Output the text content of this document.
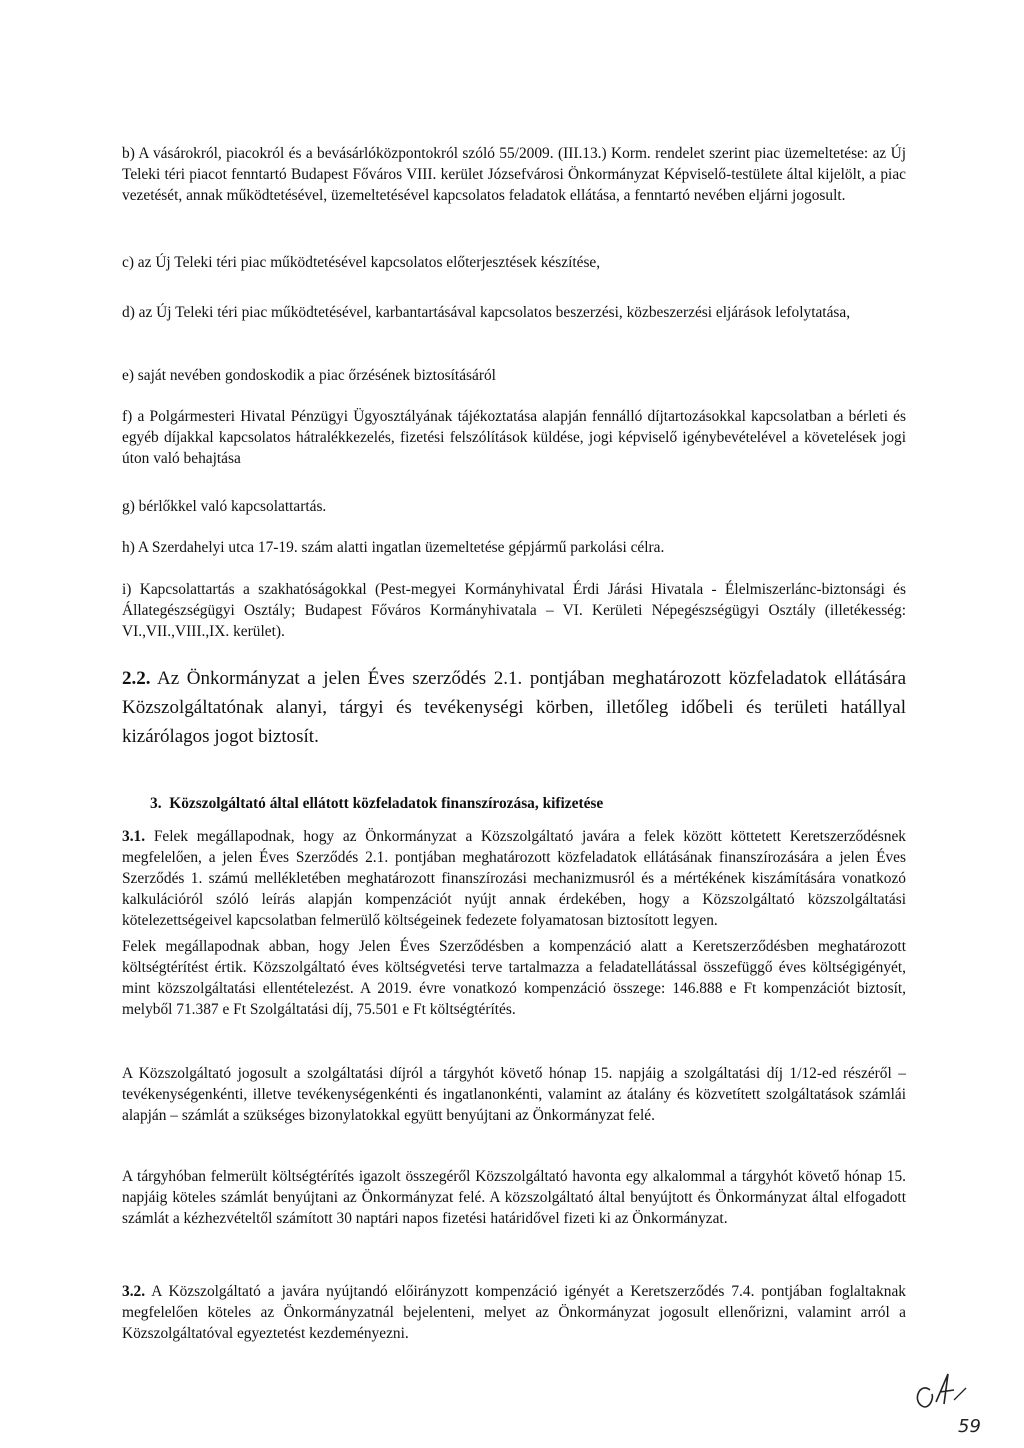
b) A vásárokról, piacokról és a bevásárlóközpontokról szóló 55/2009. (III.13.) Korm. rendelet szerint piac üzemeltetése: az Új Teleki téri piacot fenntartó Budapest Főváros VIII. kerület Józsefvárosi Önkormányzat Képviselő-testülete által kijelölt, a piac vezetését, annak működtetésével, üzemeltetésével kapcsolatos feladatok ellátása, a fenntartó nevében eljárni jogosult.

c) az Új Teleki téri piac működtetésével kapcsolatos előterjesztések készítése,

d) az Új Teleki téri piac működtetésével, karbantartásával kapcsolatos beszerzési, közbeszerzési eljárások lefolytatása,

e) saját nevében gondoskodik a piac őrzésének biztosításáról

f) a Polgármesteri Hivatal Pénzügyi Ügyosztályának tájékoztatása alapján fennálló díjtartozásokkal kapcsolatban a bérleti és egyéb díjakkal kapcsolatos hátralékkezelés, fizetési felszólítások küldése, jogi képviselő igénybevételével a követelések jogi úton való behajtása

g) bérlőkkel való kapcsolattartás.

h) A Szerdahelyi utca 17-19. szám alatti ingatlan üzemeltetése gépjármű parkolási célra.

i) Kapcsolattartás a szakhatóságokkal (Pest-megyei Kormányhivatal Érdi Járási Hivatala - Élelmiszerlánc-biztonsági és Állategészségügyi Osztály; Budapest Főváros Kormányhivatala – VI. Kerületi Népegészségügyi Osztály (illetékesség: VI.,VII.,VIII.,IX. kerület).

2.2. Az Önkormányzat a jelen Éves szerződés 2.1. pontjában meghatározott közfeladatok ellátására Közszolgáltatónak alanyi, tárgyi és tevékenységi körben, illetőleg időbeli és területi hatállyal kizárólagos jogot biztosít.

3. Közszolgáltató által ellátott közfeladatok finanszírozása, kifizetése

3.1. Felek megállapodnak, hogy az Önkormányzat a Közszolgáltató javára a felek között köttetett Keretszerződésnek megfelelően, a jelen Éves Szerződés 2.1. pontjában meghatározott közfeladatok ellátásának finanszírozására a jelen Éves Szerződés 1. számú mellékletében meghatározott finanszírozási mechanizmusról és a mértékének kiszámítására vonatkozó kalkulációról szóló leírás alapján kompenzációt nyújt annak érdekében, hogy a Közszolgáltató közszolgáltatási kötelezettségeivel kapcsolatban felmerülő költségeinek fedezete folyamatosan biztosított legyen.

Felek megállapodnak abban, hogy Jelen Éves Szerződésben a kompenzáció alatt a Keretszerződésben meghatározott költségtérítést értik. Közszolgáltató éves költségvetési terve tartalmazza a feladatellátással összefüggő éves költségigényét, mint közszolgáltatási ellentételezést. A 2019. évre vonatkozó kompenzáció összege: 146.888 e Ft kompenzációt biztosít, melyből 71.387 e Ft Szolgáltatási díj, 75.501 e Ft költségtérítés.

A Közszolgáltató jogosult a szolgáltatási díjról a tárgyhót követő hónap 15. napjáig a szolgáltatási díj 1/12-ed részéről – tevékenységenkénti, illetve tevékenységenkénti és ingatlanonkénti, valamint az átalány és közvetített szolgáltatások számlái alapján – számlát a szükséges bizonylatokkal együtt benyújtani az Önkormányzat felé.

A tárgyhóban felmerült költségtérítés igazolt összegéről Közszolgáltató havonta egy alkalommal a tárgyhót követő hónap 15. napjáig köteles számlát benyújtani az Önkormányzat felé. A közszolgáltató által benyújtott és Önkormányzat által elfogadott számlát a kézhezvételtől számított 30 naptári napos fizetési határidővel fizeti ki az Önkormányzat.

3.2. A Közszolgáltató a javára nyújtandó előirányzott kompenzáció igényét a Keretszerződés 7.4. pontjában foglaltaknak megfelelően köteles az Önkormányzatnál bejelenteni, melyet az Önkormányzat jogosult ellenőrizni, valamint arról a Közszolgáltatóval egyeztetést kezdeményezni.

59
